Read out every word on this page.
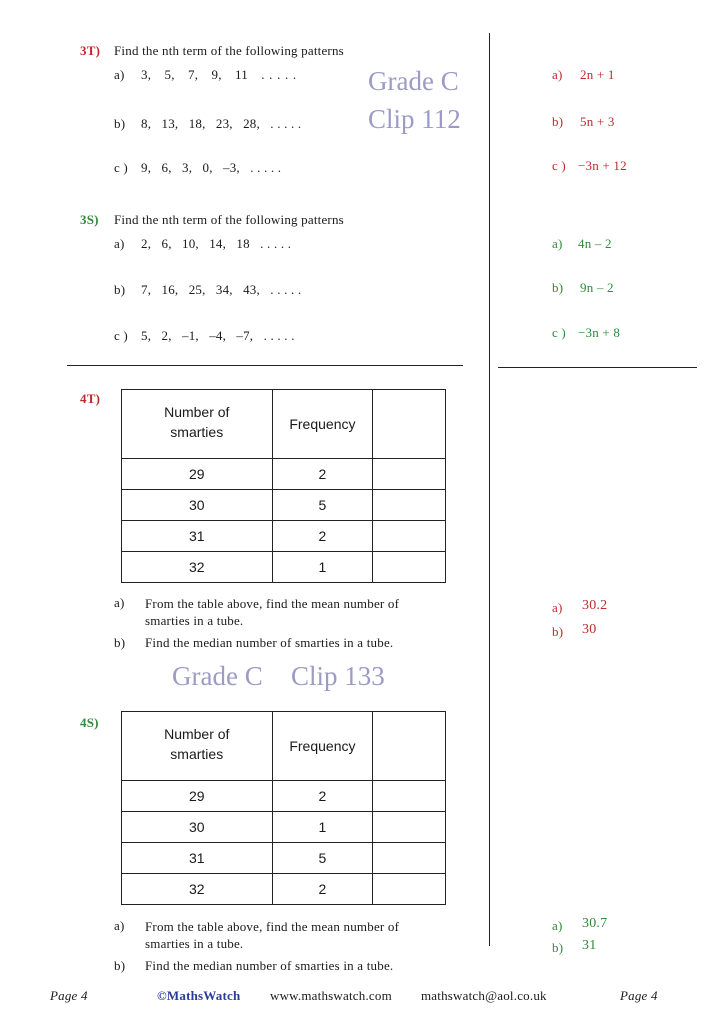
3T) Find the nth term of the following patterns
a) 3,   5,   7,   9,   11   . . . . .
b) 8,   13,   18,   23,   28,   . . . . .
c ) 9,   6,   3,   0,   –3,   . . . . .
Grade C
Clip 112
a) 2n + 1
b) 5n + 3
c ) −3n + 12
3S) Find the nth term of the following patterns
a) 2,   6,   10,   14,   18   . . . . .
b) 7,   16,   25,   34,   43,   . . . . .
c ) 5,   2,   –1,   –4,   –7,   . . . . .
a) 4n – 2
b) 9n – 2
c ) −3n + 8
4T)
Number of
smarties	Frequency	
29	2	
30	5	
31	2	
32	1	
a) From the table above, find the mean number of
smarties in a tube.
b) Find the median number of smarties in a tube.
a) 30.2
b) 30
Grade C Clip 133
4S)
Number of
smarties	Frequency	
29	2	
30	1	
31	5	
32	2	
a) From the table above, find the mean number of
smarties in a tube.
b) Find the median number of smarties in a tube.
a) 30.7
b) 31
Page 4	©MathsWatch www.mathswatch.com mathswatch@aol.co.uk	Page 4
